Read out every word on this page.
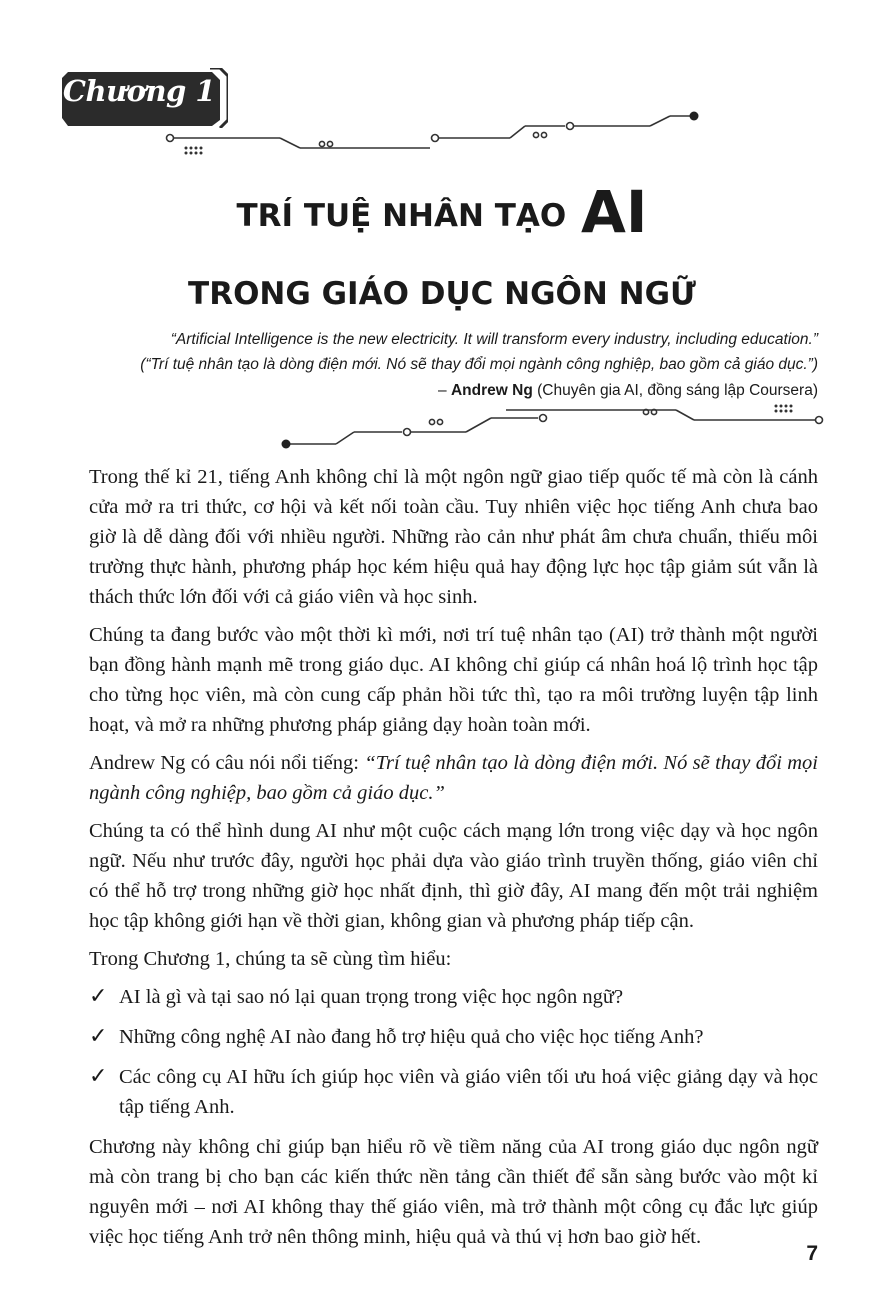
Chương 1
TRÍ TUỆ NHÂN TẠO AI
TRONG GIÁO DỤC NGÔN NGỮ
“Artificial Intelligence is the new electricity. It will transform every industry, including education.”
(“Trí tuệ nhân tạo là dòng điện mới. Nó sẽ thay đổi mọi ngành công nghiệp, bao gồm cả giáo dục.”)
– Andrew Ng (Chuyên gia AI, đồng sáng lập Coursera)

Trong thế kỉ 21, tiếng Anh không chỉ là một ngôn ngữ giao tiếp quốc tế mà còn là cánh cửa mở ra tri thức, cơ hội và kết nối toàn cầu. Tuy nhiên việc học tiếng Anh chưa bao giờ là dễ dàng đối với nhiều người. Những rào cản như phát âm chưa chuẩn, thiếu môi trường thực hành, phương pháp học kém hiệu quả hay động lực học tập giảm sút vẫn là thách thức lớn đối với cả giáo viên và học sinh.

Chúng ta đang bước vào một thời kì mới, nơi trí tuệ nhân tạo (AI) trở thành một người bạn đồng hành mạnh mẽ trong giáo dục. AI không chỉ giúp cá nhân hoá lộ trình học tập cho từng học viên, mà còn cung cấp phản hồi tức thì, tạo ra môi trường luyện tập linh hoạt, và mở ra những phương pháp giảng dạy hoàn toàn mới.

Andrew Ng có câu nói nổi tiếng: “Trí tuệ nhân tạo là dòng điện mới. Nó sẽ thay đổi mọi ngành công nghiệp, bao gồm cả giáo dục.”

Chúng ta có thể hình dung AI như một cuộc cách mạng lớn trong việc dạy và học ngôn ngữ. Nếu như trước đây, người học phải dựa vào giáo trình truyền thống, giáo viên chỉ có thể hỗ trợ trong những giờ học nhất định, thì giờ đây, AI mang đến một trải nghiệm học tập không giới hạn về thời gian, không gian và phương pháp tiếp cận.

Trong Chương 1, chúng ta sẽ cùng tìm hiểu:

✓ AI là gì và tại sao nó lại quan trọng trong việc học ngôn ngữ?
✓ Những công nghệ AI nào đang hỗ trợ hiệu quả cho việc học tiếng Anh?
✓ Các công cụ AI hữu ích giúp học viên và giáo viên tối ưu hoá việc giảng dạy và học tập tiếng Anh.

Chương này không chỉ giúp bạn hiểu rõ về tiềm năng của AI trong giáo dục ngôn ngữ mà còn trang bị cho bạn các kiến thức nền tảng cần thiết để sẵn sàng bước vào một kỉ nguyên mới – nơi AI không thay thế giáo viên, mà trở thành một công cụ đắc lực giúp việc học tiếng Anh trở nên thông minh, hiệu quả và thú vị hơn bao giờ hết.

7
